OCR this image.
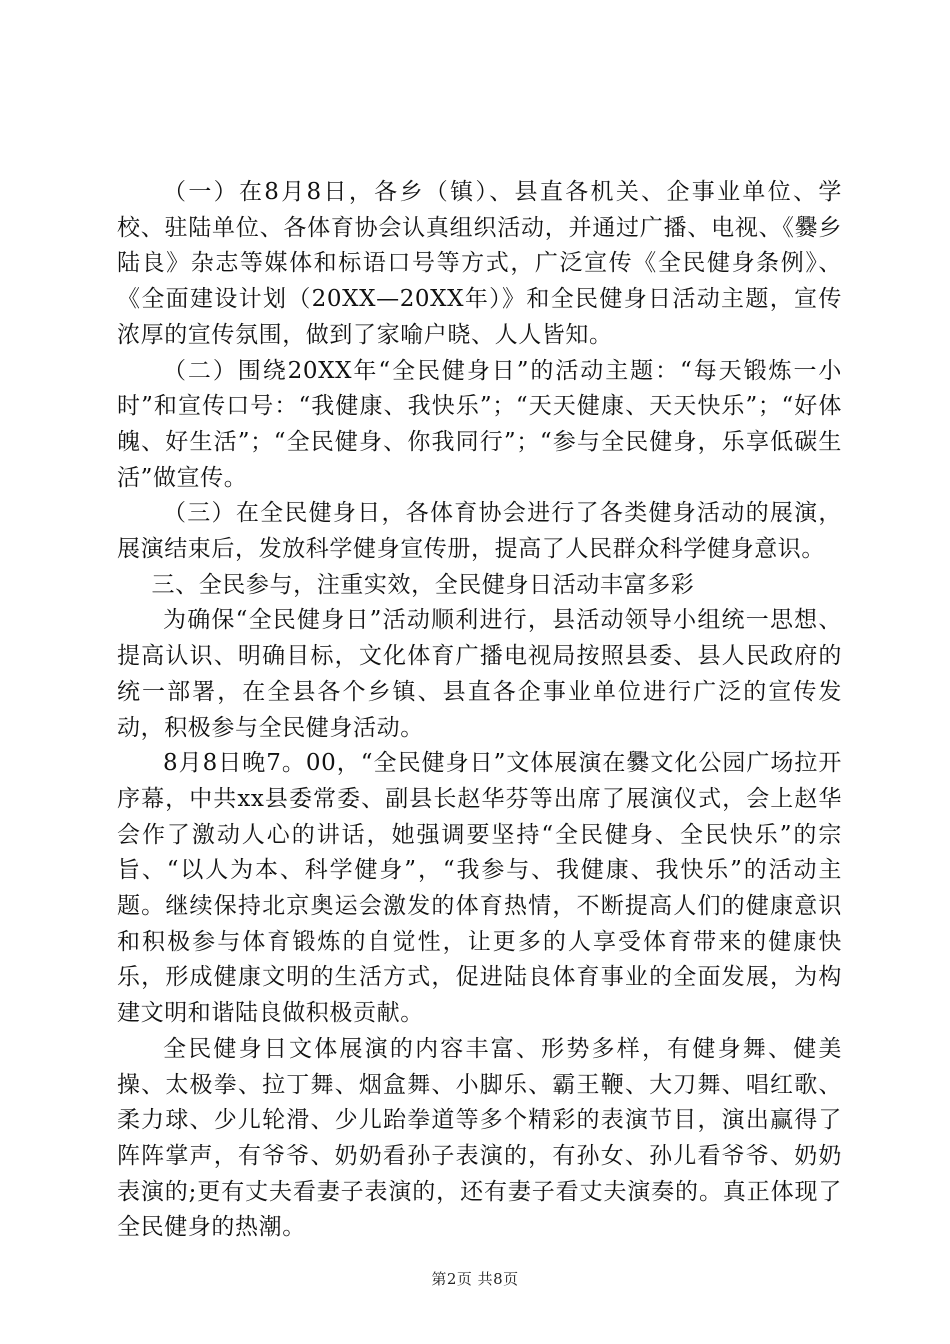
（一）在8月8日，各乡（镇）、县直各机关、企事业单位、学校、驻陆单位、各体育协会认真组织活动，并通过广播、电视、《爨乡陆良》杂志等媒体和标语口号等方式，广泛宣传《全民健身条例》、《全面建设计划（20XX—20XX年）》和全民健身日活动主题，宣传浓厚的宣传氛围，做到了家喻户晓、人人皆知。

（二）围绕20XX年“全民健身日”的活动主题：“每天锻炼一小时”和宣传口号：“我健康、我快乐”；“天天健康、天天快乐”；“好体魄、好生活”；“全民健身、你我同行”；“参与全民健身，乐享低碳生活”做宣传。

（三）在全民健身日，各体育协会进行了各类健身活动的展演，展演结束后，发放科学健身宣传册，提高了人民群众科学健身意识。

三、全民参与，注重实效，全民健身日活动丰富多彩

为确保“全民健身日”活动顺利进行，县活动领导小组统一思想、提高认识、明确目标，文化体育广播电视局按照县委、县人民政府的统一部署，在全县各个乡镇、县直各企事业单位进行广泛的宣传发动，积极参与全民健身活动。

8月8日晚7。00，“全民健身日”文体展演在爨文化公园广场拉开序幕，中共xx县委常委、副县长赵华芬等出席了展演仪式，会上赵华会作了激动人心的讲话，她强调要坚持“全民健身、全民快乐”的宗旨、“以人为本、科学健身”，“我参与、我健康、我快乐”的活动主题。继续保持北京奥运会激发的体育热情，不断提高人们的健康意识和积极参与体育锻炼的自觉性，让更多的人享受体育带来的健康快乐，形成健康文明的生活方式，促进陆良体育事业的全面发展，为构建文明和谐陆良做积极贡献。

全民健身日文体展演的内容丰富、形势多样，有健身舞、健美操、太极拳、拉丁舞、烟盒舞、小脚乐、霸王鞭、大刀舞、唱红歌、柔力球、少儿轮滑、少儿跆拳道等多个精彩的表演节目，演出赢得了阵阵掌声，有爷爷、奶奶看孙子表演的，有孙女、孙儿看爷爷、奶奶表演的;更有丈夫看妻子表演的，还有妻子看丈夫演奏的。真正体现了全民健身的热潮。

第2页 共8页
